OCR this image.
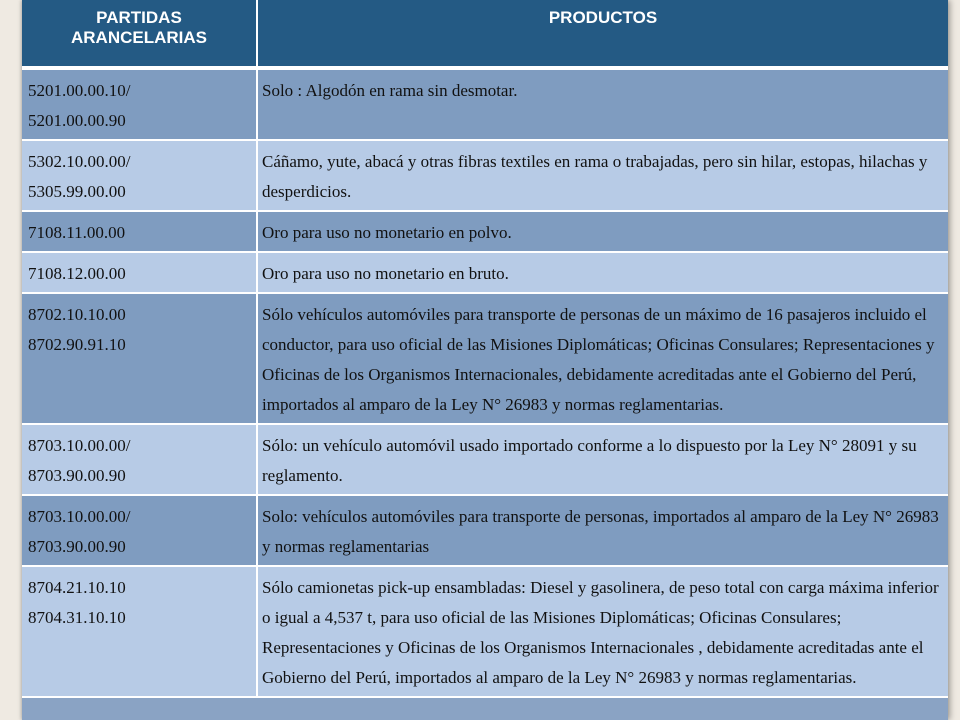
PARTIDAS
ARANCELARIAS	PRODUCTOS

5201.00.00.10/
5201.00.00.90	Solo : Algodón en rama sin desmotar.

5302.10.00.00/
5305.99.00.00	Cáñamo, yute, abacá y otras fibras textiles en rama o trabajadas, pero sin hilar, estopas, hilachas y desperdicios.

7108.11.00.00	Oro para uso no monetario en polvo.

7108.12.00.00	Oro para uso no monetario en bruto.

8702.10.10.00
8702.90.91.10	Sólo vehículos automóviles para transporte de personas de un máximo de 16 pasajeros incluido el conductor, para uso oficial de las Misiones Diplomáticas; Oficinas Consulares; Representaciones y Oficinas de los Organismos Internacionales, debidamente acreditadas ante el Gobierno del Perú, importados al amparo de la Ley N° 26983 y normas reglamentarias.

8703.10.00.00/
8703.90.00.90	Sólo: un vehículo automóvil usado importado conforme a lo dispuesto por la Ley N° 28091 y su reglamento.

8703.10.00.00/
8703.90.00.90	Solo: vehículos automóviles para transporte de personas, importados al amparo de la Ley N° 26983 y normas reglamentarias

8704.21.10.10
8704.31.10.10	Sólo camionetas pick-up ensambladas: Diesel y gasolinera, de peso total con carga máxima inferior o igual a 4,537 t, para uso oficial de las Misiones Diplomáticas; Oficinas Consulares; Representaciones y Oficinas de los Organismos Internacionales , debidamente acreditadas ante el Gobierno del Perú, importados al amparo de la Ley N° 26983 y normas reglamentarias.
